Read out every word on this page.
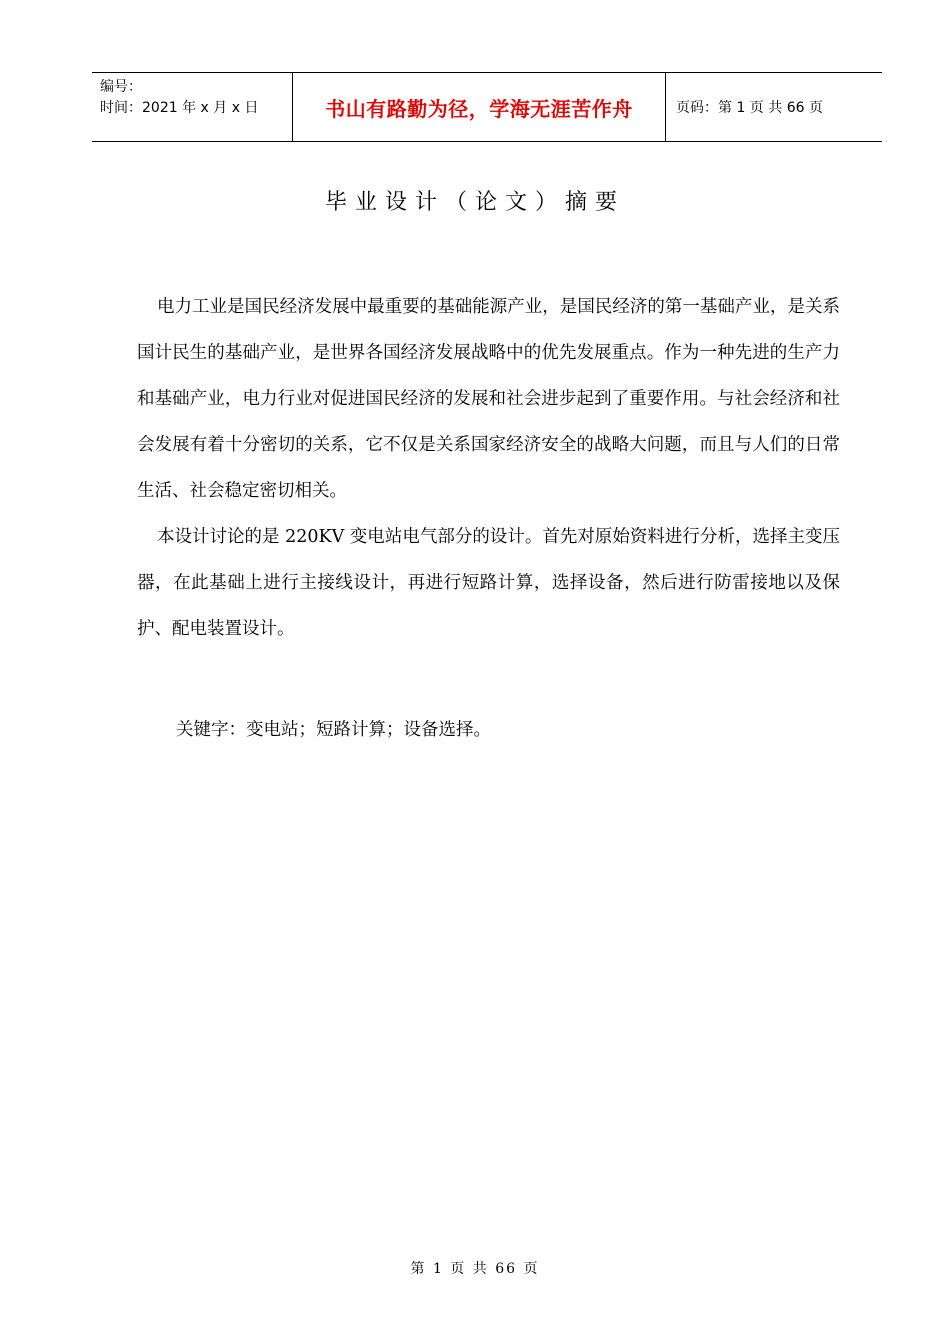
编号：
时间：2021 年 x 月 x 日	书山有路勤为径，学海无涯苦作舟	页码：第 1 页 共 66 页
毕业设计（论文）摘要

电力工业是国民经济发展中最重要的基础能源产业，是国民经济的第一基础产业，是关系国计民生的基础产业，是世界各国经济发展战略中的优先发展重点。作为一种先进的生产力和基础产业，电力行业对促进国民经济的发展和社会进步起到了重要作用。与社会经济和社会发展有着十分密切的关系，它不仅是关系国家经济安全的战略大问题，而且与人们的日常生活、社会稳定密切相关。

本设计讨论的是 220KV 变电站电气部分的设计。首先对原始资料进行分析，选择主变压器，在此基础上进行主接线设计，再进行短路计算，选择设备，然后进行防雷接地以及保护、配电装置设计。

关键字：变电站；短路计算；设备选择。
第 1 页 共 66 页
